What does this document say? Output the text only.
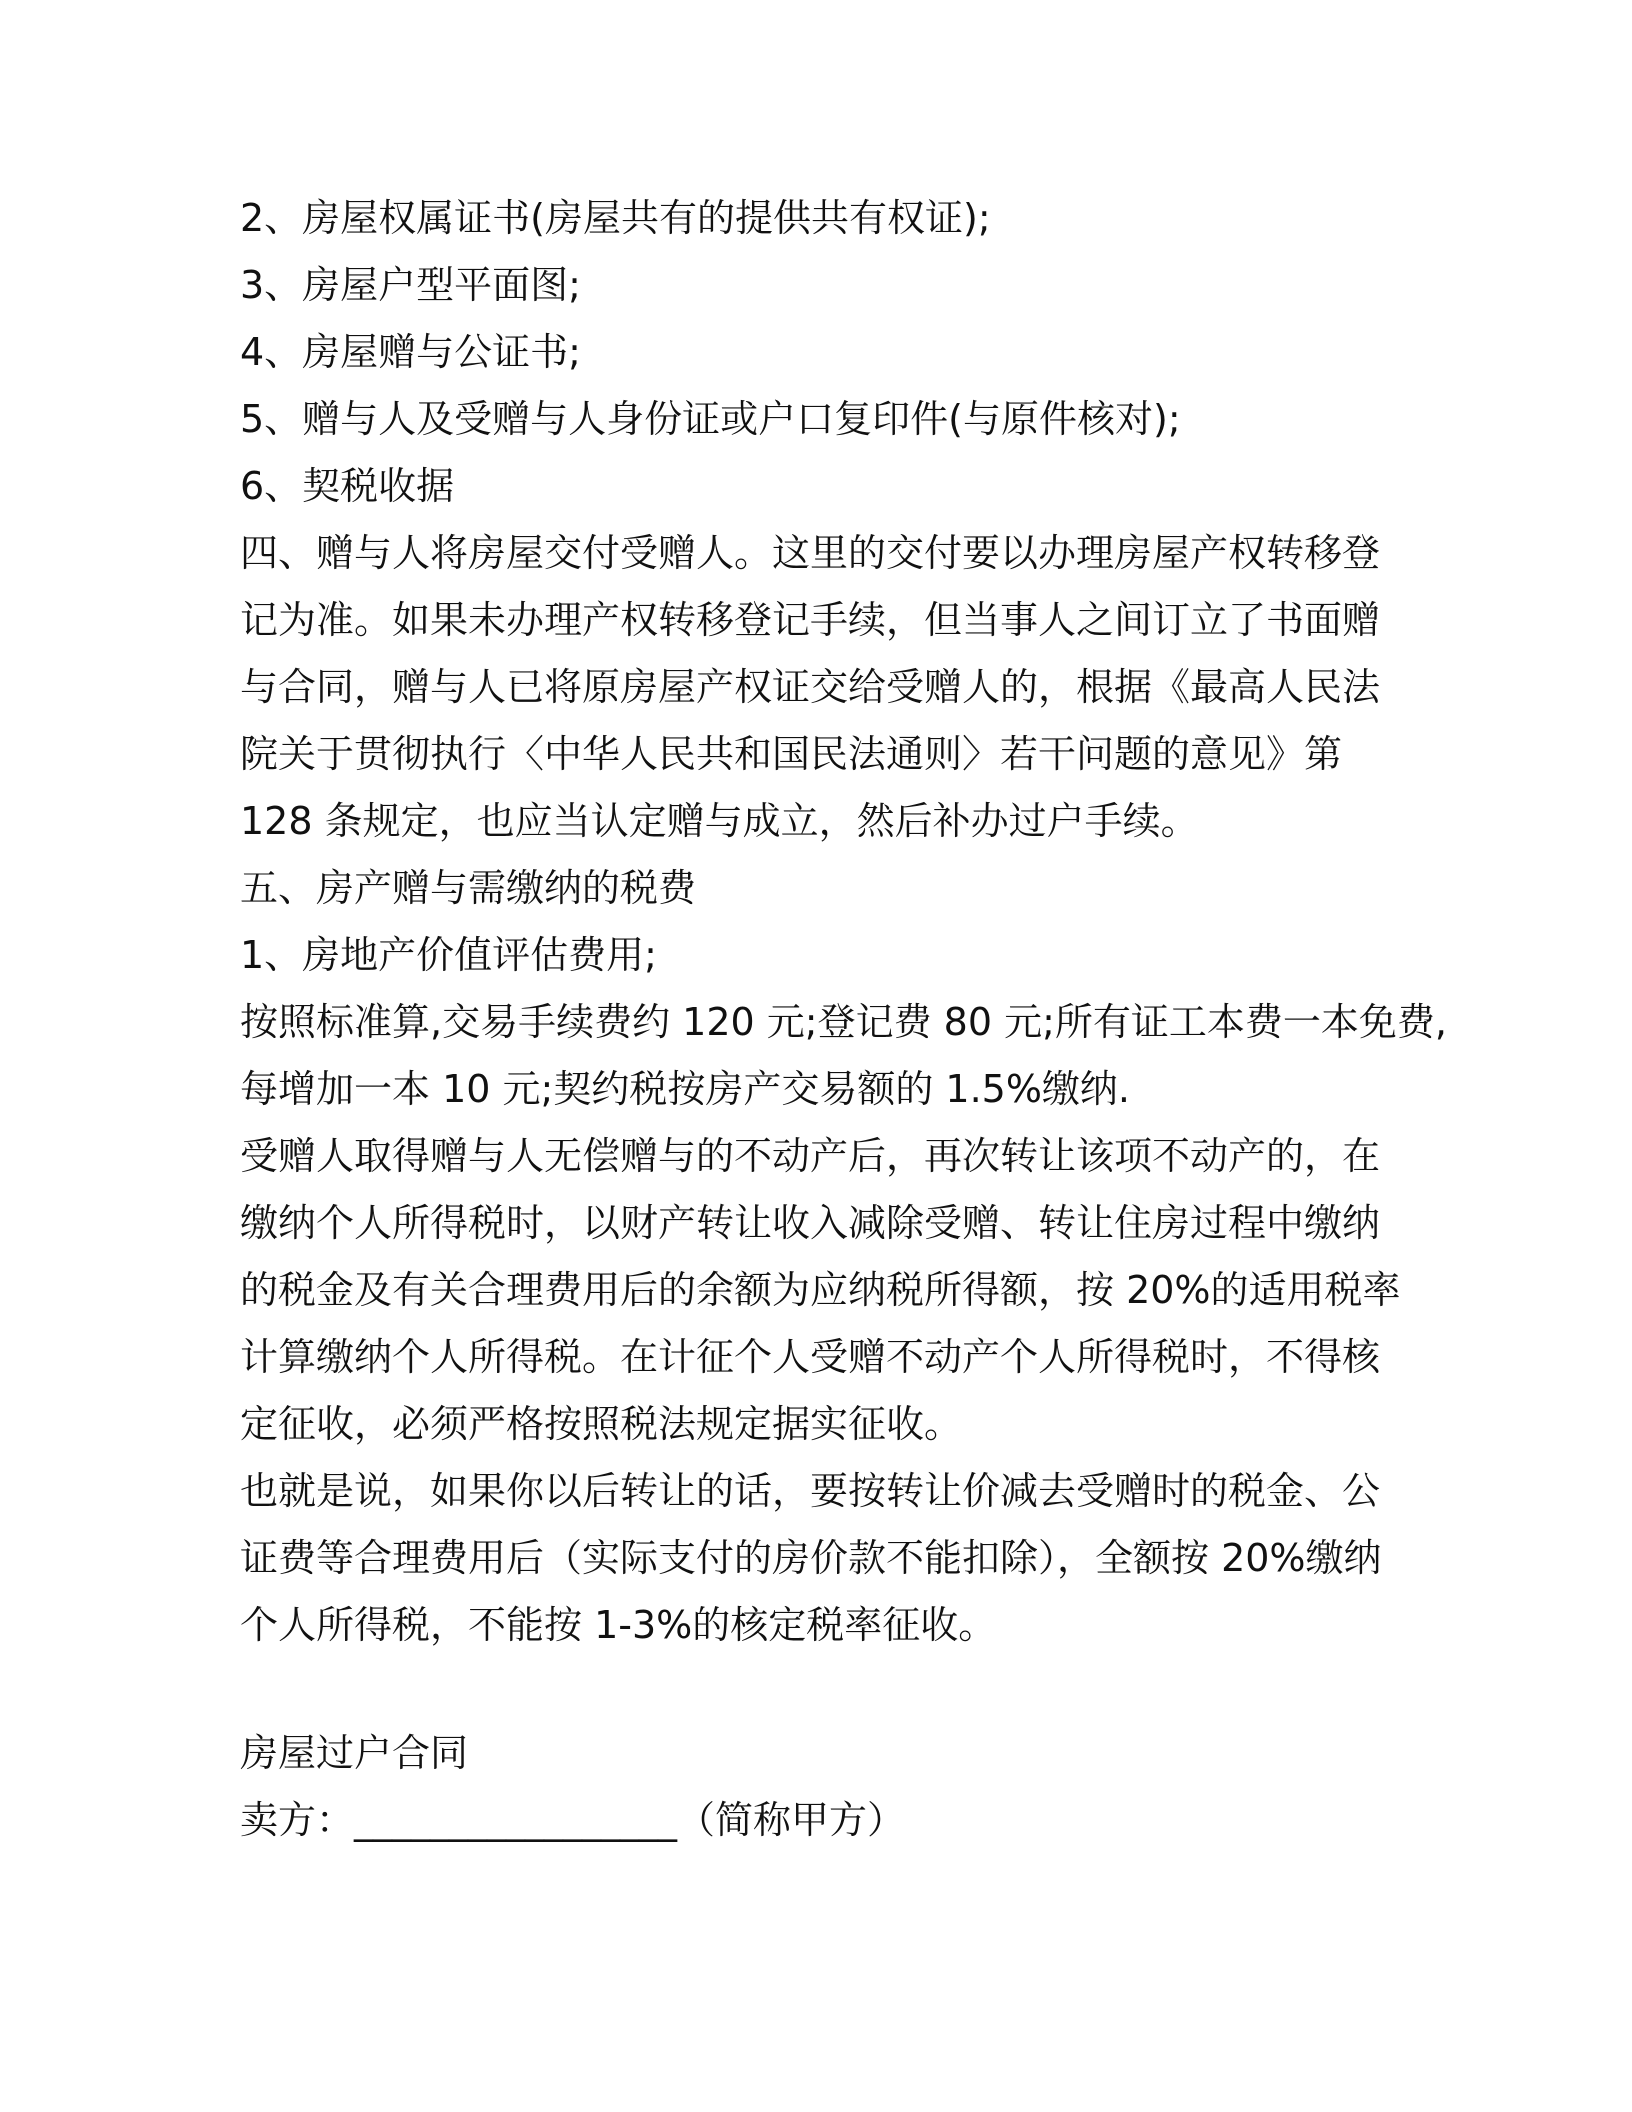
2、房屋权属证书(房屋共有的提供共有权证);
3、房屋户型平面图;
4、房屋赠与公证书;
5、赠与人及受赠与人身份证或户口复印件(与原件核对);
6、契税收据
四、赠与人将房屋交付受赠人。这里的交付要以办理房屋产权转移登
记为准。如果未办理产权转移登记手续，但当事人之间订立了书面赠
与合同，赠与人已将原房屋产权证交给受赠人的，根据《最高人民法
院关于贯彻执行〈中华人民共和国民法通则〉若干问题的意见》第
128 条规定，也应当认定赠与成立，然后补办过户手续。
五、房产赠与需缴纳的税费
1、房地产价值评估费用;
按照标准算,交易手续费约 120 元;登记费 80 元;所有证工本费一本免费,
每增加一本 10 元;契约税按房产交易额的 1.5%缴纳.
受赠人取得赠与人无偿赠与的不动产后，再次转让该项不动产的，在
缴纳个人所得税时，以财产转让收入减除受赠、转让住房过程中缴纳
的税金及有关合理费用后的余额为应纳税所得额，按 20%的适用税率
计算缴纳个人所得税。在计征个人受赠不动产个人所得税时，不得核
定征收，必须严格按照税法规定据实征收。
也就是说，如果你以后转让的话，要按转让价减去受赠时的税金、公
证费等合理费用后（实际支付的房价款不能扣除），全额按 20%缴纳
个人所得税，不能按 1-3%的核定税率征收。
房屋过户合同
卖方：_________________（简称甲方）
